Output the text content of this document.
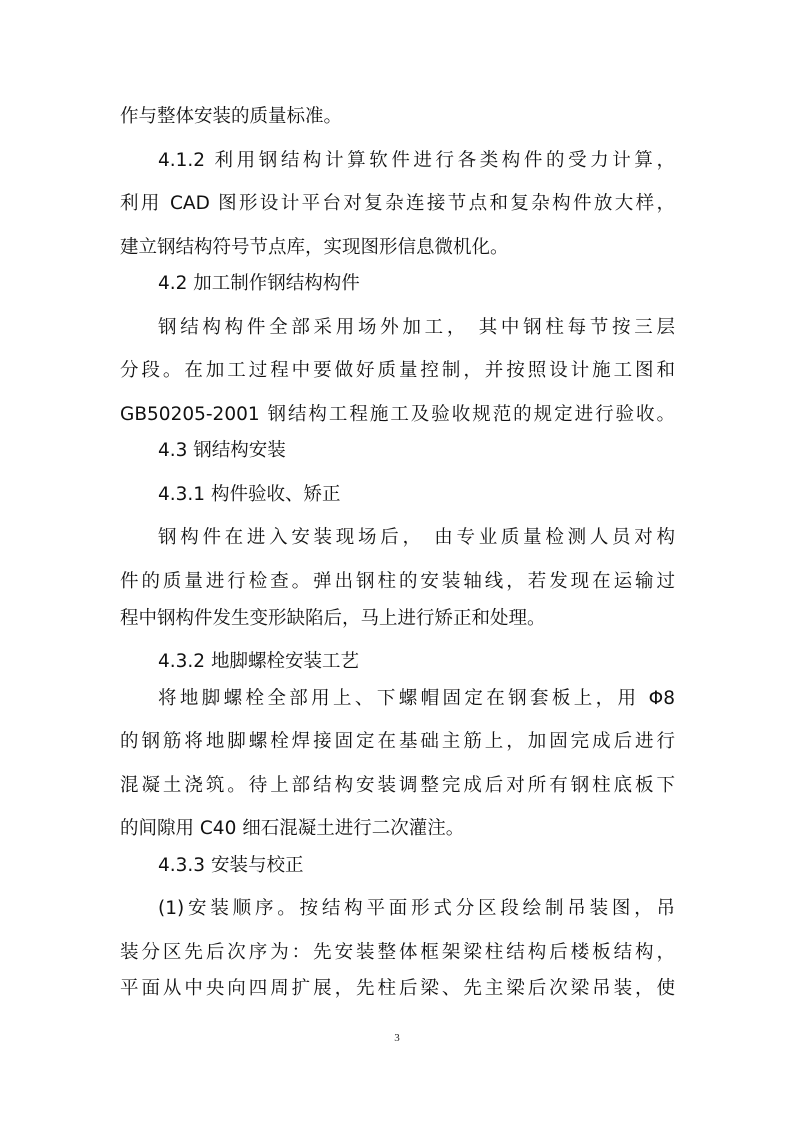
作与整体安装的质量标准。
4.1.2 利用钢结构计算软件进行各类构件的受力计算，
利用 CAD 图形设计平台对复杂连接节点和复杂构件放大样，
建立钢结构符号节点库，实现图形信息微机化。
4.2 加工制作钢结构构件
钢结构构件全部采用场外加工， 其中钢柱每节按三层
分段。在加工过程中要做好质量控制，并按照设计施工图和
GB50205-2001 钢结构工程施工及验收规范的规定进行验收。
4.3 钢结构安装
4.3.1 构件验收、矫正
钢构件在进入安装现场后， 由专业质量检测人员对构
件的质量进行检查。弹出钢柱的安装轴线，若发现在运输过
程中钢构件发生变形缺陷后，马上进行矫正和处理。
4.3.2 地脚螺栓安装工艺
将地脚螺栓全部用上、下螺帽固定在钢套板上，用 Φ8
的钢筋将地脚螺栓焊接固定在基础主筋上，加固完成后进行
混凝土浇筑。待上部结构安装调整完成后对所有钢柱底板下
的间隙用 C40 细石混凝土进行二次灌注。
4.3.3 安装与校正
(1)安装顺序。按结构平面形式分区段绘制吊装图，吊
装分区先后次序为：先安装整体框架梁柱结构后楼板结构，
平面从中央向四周扩展，先柱后梁、先主梁后次梁吊装，使
3
